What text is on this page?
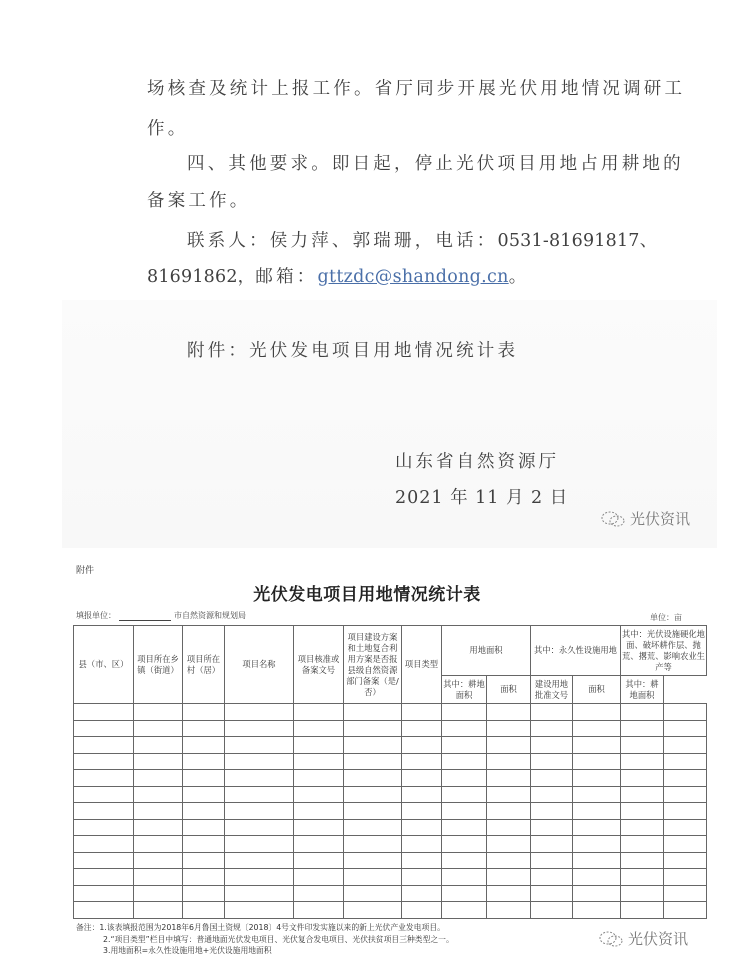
场核查及统计上报工作。省厅同步开展光伏用地情况调研工
作。
四、其他要求。即日起，停止光伏项目用地占用耕地的
备案工作。
联系人：侯力萍、郭瑞珊，电话：0531-81691817、
81691862，邮箱：gttzdc@shandong.cn。
附件：光伏发电项目用地情况统计表
山东省自然资源厅
2021 年 11 月 2 日
光伏资讯
附件
光伏发电项目用地情况统计表
填报单位：	市自然资源和规划局	单位：亩
县（市、区）	项目所在乡镇（街道）	项目所在村（居）	项目名称	项目核准或备案文号	项目建设方案和土地复合利用方案是否报县级自然资源部门备案（是/否）	项目类型	用地面积		其中：永久性设施用地		其中：光伏设施硬化地面、破坏耕作层、抛荒、撂荒、影响农业生产等	
							其中：耕地面积	面积	建设用地批准文号	面积	其中：耕地面积	

备注：1.该表填报范围为2018年6月鲁国土资规〔2018〕4号文件印发实施以来的新上光伏产业发电项目。
2.“项目类型”栏目中填写：普通地面光伏发电项目、光伏复合发电项目、光伏扶贫项目三种类型之一。
3.用地面积=永久性设施用地+光伏设施用地面积
光伏资讯
